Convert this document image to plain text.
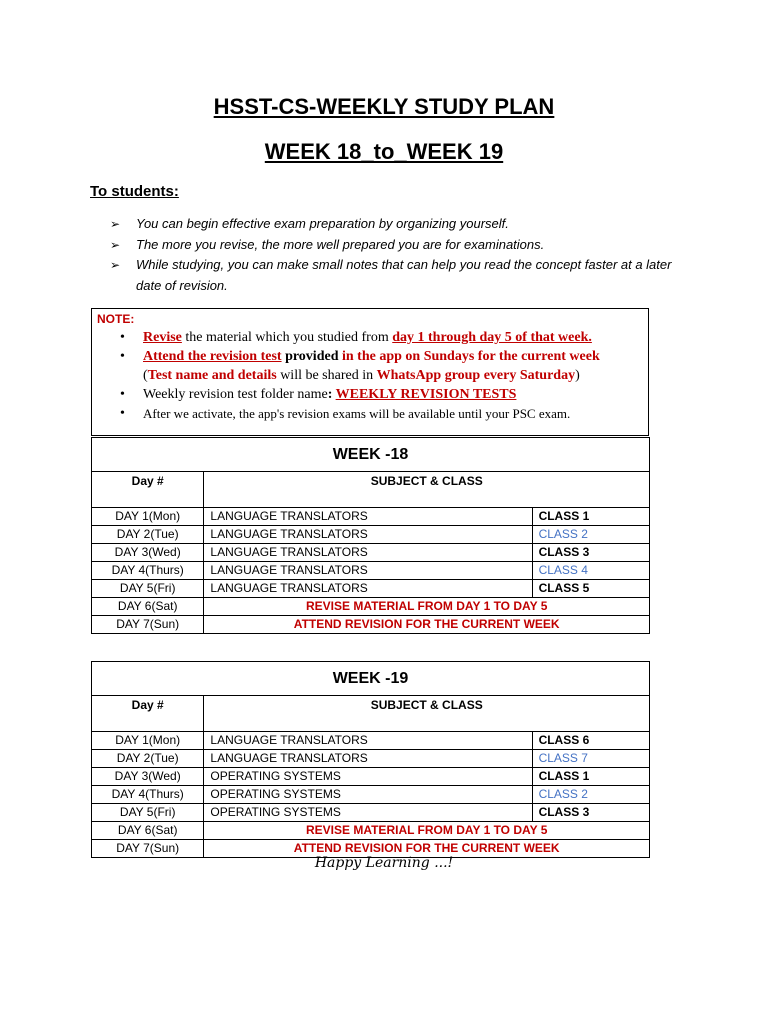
HSST-CS-WEEKLY STUDY PLAN
WEEK 18_to_WEEK 19
To students:
➢ You can begin effective exam preparation by organizing yourself.
➢ The more you revise, the more well prepared you are for examinations.
➢ While studying, you can make small notes that can help you read the concept faster at a later date of revision.
NOTE:
• Revise the material which you studied from day 1 through day 5 of that week.
• Attend the revision test provided in the app on Sundays for the current week
(Test name and details will be shared in WhatsApp group every Saturday)
• Weekly revision test folder name: WEEKLY REVISION TESTS
• After we activate, the app's revision exams will be available until your PSC exam.
WEEK -18		
Day #	SUBJECT & CLASS	
DAY 1(Mon)	LANGUAGE TRANSLATORS	CLASS 1
DAY 2(Tue)	LANGUAGE TRANSLATORS	CLASS 2
DAY 3(Wed)	LANGUAGE TRANSLATORS	CLASS 3
DAY 4(Thurs)	LANGUAGE TRANSLATORS	CLASS 4
DAY 5(Fri)	LANGUAGE TRANSLATORS	CLASS 5
DAY 6(Sat)	REVISE MATERIAL FROM DAY 1 TO DAY 5	
DAY 7(Sun)	ATTEND REVISION FOR THE CURRENT WEEK	
WEEK -19		
Day #	SUBJECT & CLASS	
DAY 1(Mon)	LANGUAGE TRANSLATORS	CLASS 6
DAY 2(Tue)	LANGUAGE TRANSLATORS	CLASS 7
DAY 3(Wed)	OPERATING SYSTEMS	CLASS 1
DAY 4(Thurs)	OPERATING SYSTEMS	CLASS 2
DAY 5(Fri)	OPERATING SYSTEMS	CLASS 3
DAY 6(Sat)	REVISE MATERIAL FROM DAY 1 TO DAY 5	
DAY 7(Sun)	ATTEND REVISION FOR THE CURRENT WEEK	
Happy Learning ...!
